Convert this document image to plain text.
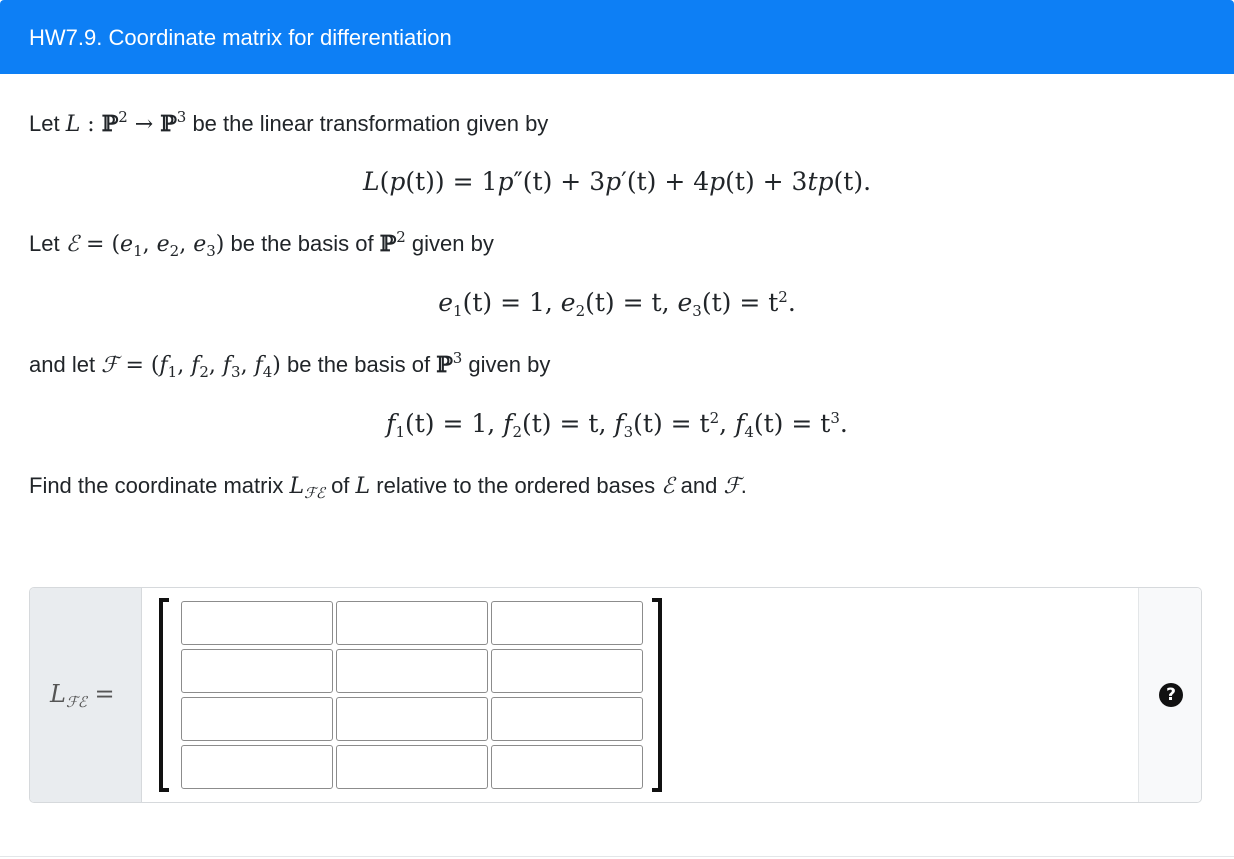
HW7.9. Coordinate matrix for differentiation
Let L : ℙ$^2$ → ℙ$^3$ be the linear transformation given by
L(p(t)) = 1p″(t) + 3p′(t) + 4p(t) + 3tp(t).
Let ℰ = ($e_1$, $e_2$, $e_3$) be the basis of ℙ$^2$ given by
$e_1(t) = 1$, $e_2(t) = t$, $e_3(t) = t^2$.
and let ℱ = ($f_1$, $f_2$, $f_3$, $f_4$) be the basis of ℙ$^3$ given by
$f_1(t) = 1$, $f_2(t) = t$, $f_3(t) = t^2$, $f_4(t) = t^3$.
Find the coordinate matrix $L_{ℱℰ}$ of L relative to the ordered bases ℰ and ℱ.
$L_{ℱℰ}$ =	?
